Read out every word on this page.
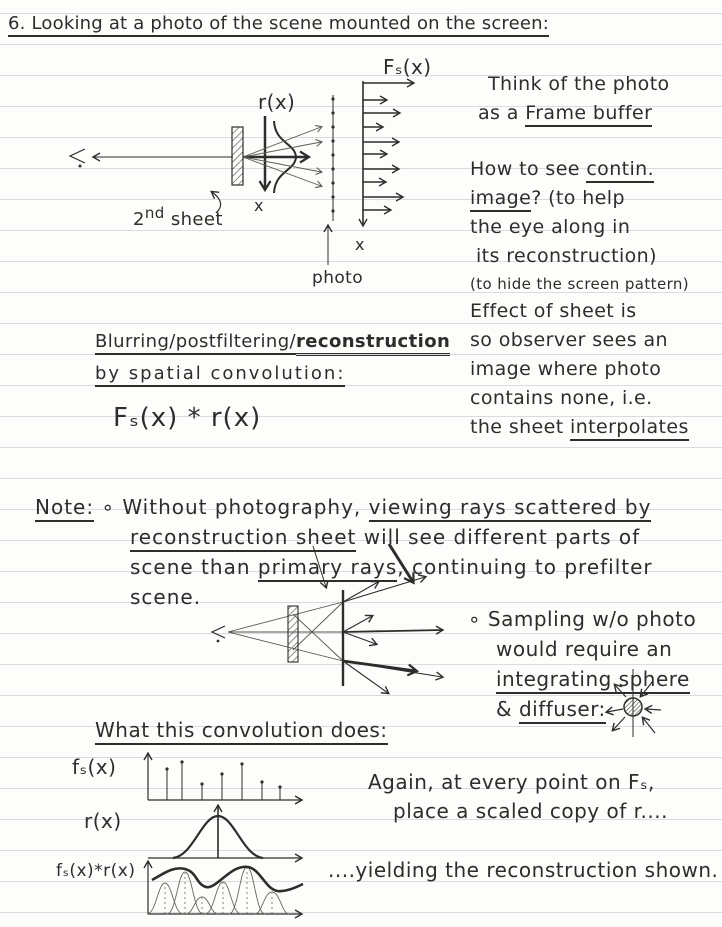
6. Looking at a photo of the scene mounted on the screen:
Fₛ(x)
r(x)
x
x
2nd sheet
photo
Think of the photo
as a Frame buffer
How to see contin.
image? (to help
the eye along in
its reconstruction)
(to hide the screen pattern)
Effect of sheet is
so observer sees an
image where photo
contains none, i.e.
the sheet interpolates
Blurring/postfiltering/reconstruction
by spatial convolution:
Fₛ(x) * r(x)
Note: ∘ Without photography, viewing rays scattered by
reconstruction sheet will see different parts of
scene than primary rays, continuing to prefilter
scene.
∘ Sampling w/o photo
would require an
integrating sphere
& diffuser:
What this convolution does:
fₛ(x)
r(x)
fₛ(x)*r(x)
Again, at every point on Fₛ,
place a scaled copy of r....
....yielding the reconstruction shown.
